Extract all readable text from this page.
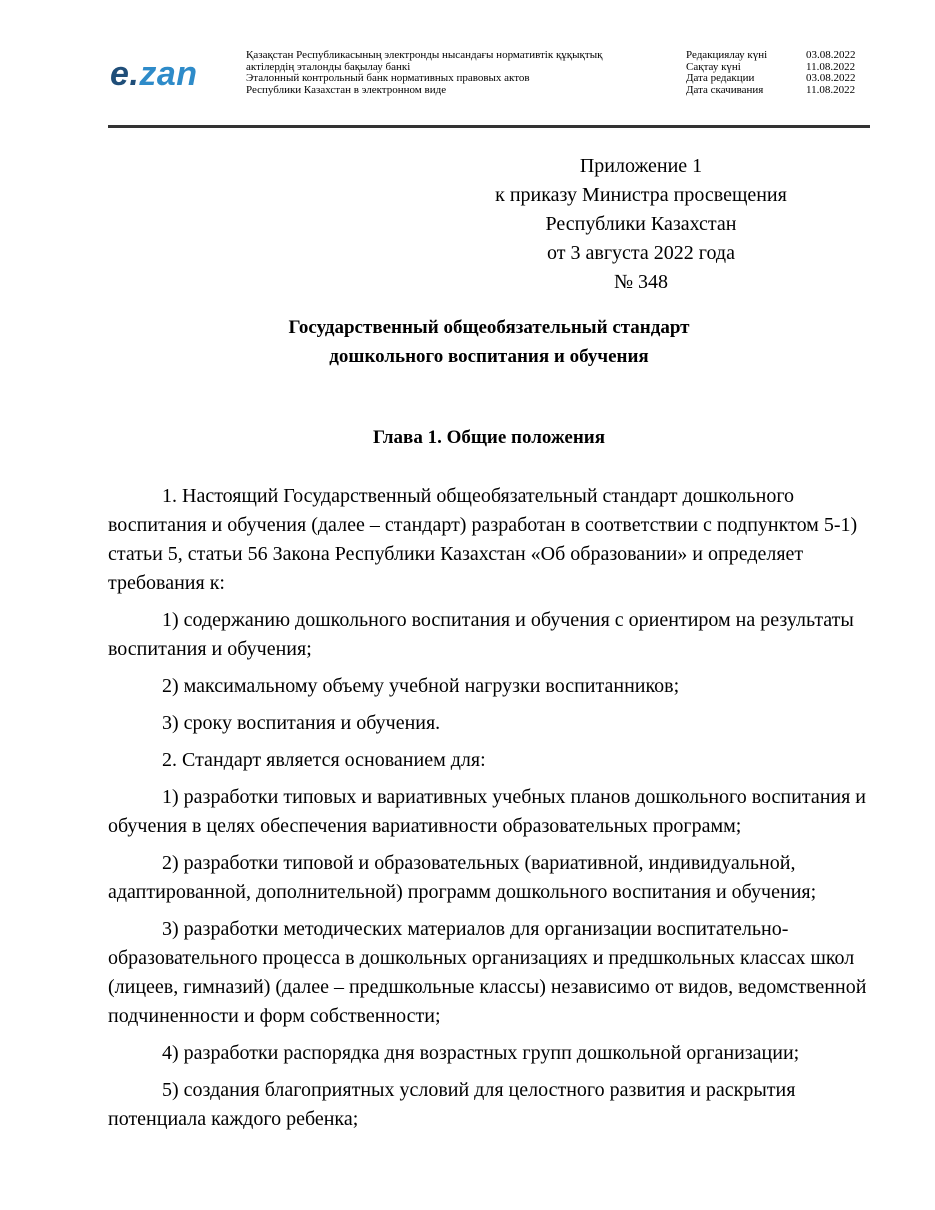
e.zan	Қазақстан Республикасының электронды нысандағы нормативтік құқықтық
актілердің эталонды бақылау банкі
Эталонный контрольный банк нормативных правовых актов
Республики Казахстан в электронном виде
Редакциялау күні	03.08.2022
Сақтау күні	11.08.2022
Дата редакции	03.08.2022
Дата скачивания	11.08.2022
Приложение 1
к приказу Министра просвещения
Республики Казахстан
от 3 августа 2022 года
№ 348
Государственный общеобязательный стандарт
дошкольного воспитания и обучения
Глава 1. Общие положения

1. Настоящий Государственный общеобязательный стандарт дошкольного воспитания и обучения (далее – стандарт) разработан в соответствии с подпунктом 5-1) статьи 5, статьи 56 Закона Республики Казахстан «Об образовании» и определяет требования к:

1) содержанию дошкольного воспитания и обучения с ориентиром на результаты воспитания и обучения;

2) максимальному объему учебной нагрузки воспитанников;

3) сроку воспитания и обучения.

2. Стандарт является основанием для:

1) разработки типовых и вариативных учебных планов дошкольного воспитания и обучения в целях обеспечения вариативности образовательных программ;

2) разработки типовой и образовательных (вариативной, индивидуальной, адаптированной, дополнительной) программ дошкольного воспитания и обучения;

3) разработки методических материалов для организации воспитательно-образовательного процесса в дошкольных организациях и предшкольных классах школ (лицеев, гимназий) (далее – предшкольные классы) независимо от видов, ведомственной подчиненности и форм собственности;

4) разработки распорядка дня возрастных групп дошкольной организации;

5) создания благоприятных условий для целостного развития и раскрытия потенциала каждого ребенка;
